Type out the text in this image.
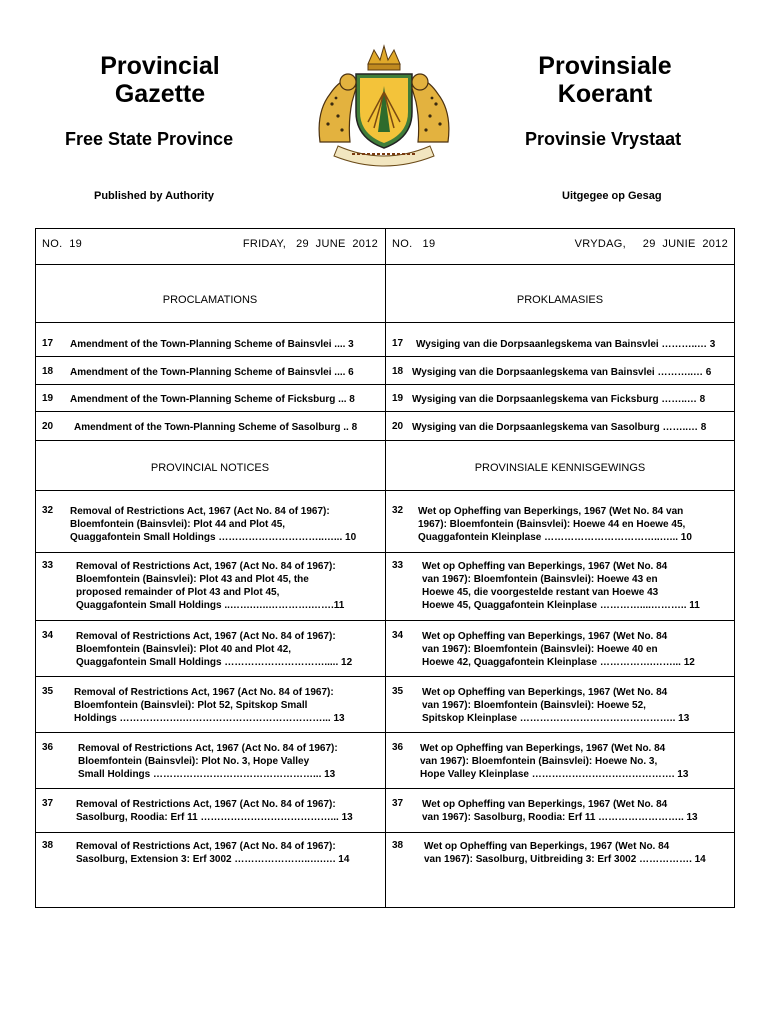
Provincial
Gazette
Provinsiale
Koerant
Free State Province	Provinsie Vrystaat
Published by Authority	Uitgegee op Gesag
NO. 19	FRIDAY,   29  JUNE  2012 NO. 19	VRYDAG,     29  JUNIE  2012
PROCLAMATIONS	PROKLAMASIES
17 Amendment of the Town-Planning Scheme of Bainsvlei .... 3	17 Wysiging van die Dorpsaanlegskema van Bainsvlei ………..… 3
18 Amendment of the Town-Planning Scheme of Bainsvlei .... 6	18 Wysiging van die Dorpsaanlegskema van Bainsvlei ………..… 6
19 Amendment of the Town-Planning Scheme of Ficksburg ... 8	19 Wysiging van die Dorpsaanlegskema van Ficksburg ……..… 8
20 Amendment of the Town-Planning Scheme of Sasolburg .. 8	20 Wysiging van die Dorpsaanlegskema van Sasolburg ……..… 8
PROVINCIAL NOTICES	PROVINSIALE KENNISGEWINGS
32 Removal of Restrictions Act, 1967 (Act No. 84 of 1967):
Bloemfontein (Bainsvlei): Plot 44 and Plot 45,
Quaggafontein Small Holdings …………………………..…... 10
32 Wet op Opheffing van Beperkings, 1967 (Wet No. 84 van
1967): Bloemfontein (Bainsvlei): Hoewe 44 en Hoewe 45,
Quaggafontein Kleinplase ……………………………..…... 10
33 Removal of Restrictions Act, 1967 (Act No. 84 of 1967):
Bloemfontein (Bainsvlei): Plot 43 and Plot 45, the
proposed remainder of Plot 43 and Plot 45,
Quaggafontein Small Holdings ..…….…..………….…….11
33 Wet op Opheffing van Beperkings, 1967 (Wet No. 84
van 1967): Bloemfontein (Bainsvlei): Hoewe 43 en
Hoewe 45, die voorgestelde restant van Hoewe 43
Hoewe 45, Quaggafontein Kleinplase …………....……….. 11
34 Removal of Restrictions Act, 1967 (Act No. 84 of 1967):
Bloemfontein (Bainsvlei): Plot 40 and Plot 42,
Quaggafontein Small Holdings …………………………..... 12
34 Wet op Opheffing van Beperkings, 1967 (Wet No. 84
van 1967): Bloemfontein (Bainsvlei): Hoewe 40 en
Hoewe 42, Quaggafontein Kleinplase …………….……... 12
35 Removal of Restrictions Act, 1967 (Act No. 84 of 1967):
Bloemfontein (Bainsvlei): Plot 52, Spitskop Small
Holdings ……………….……………………………………... 13
35 Wet op Opheffing van Beperkings, 1967 (Wet No. 84
van 1967): Bloemfontein (Bainsvlei): Hoewe 52,
Spitskop Kleinplase ……………………………………….. 13
36 Removal of Restrictions Act, 1967 (Act No. 84 of 1967):
Bloemfontein (Bainsvlei): Plot No. 3, Hope Valley
Small Holdings …………………………………………... 13
36 Wet op Opheffing van Beperkings, 1967 (Wet No. 84
van 1967): Bloemfontein (Bainsvlei): Hoewe No. 3,
Hope Valley Kleinplase ……………………………………. 13
37 Removal of Restrictions Act, 1967 (Act No. 84 of 1967):
Sasolburg, Roodia: Erf 11 …………………………………... 13
37 Wet op Opheffing van Beperkings, 1967 (Wet No. 84
van 1967): Sasolburg, Roodia: Erf 11 …………………….. 13
38 Removal of Restrictions Act, 1967 (Act No. 84 of 1967):
Sasolburg, Extension 3: Erf 3002 …………………..….…. 14
38 Wet op Opheffing van Beperkings, 1967 (Wet No. 84
van 1967): Sasolburg, Uitbreiding 3: Erf 3002 ……………. 14
